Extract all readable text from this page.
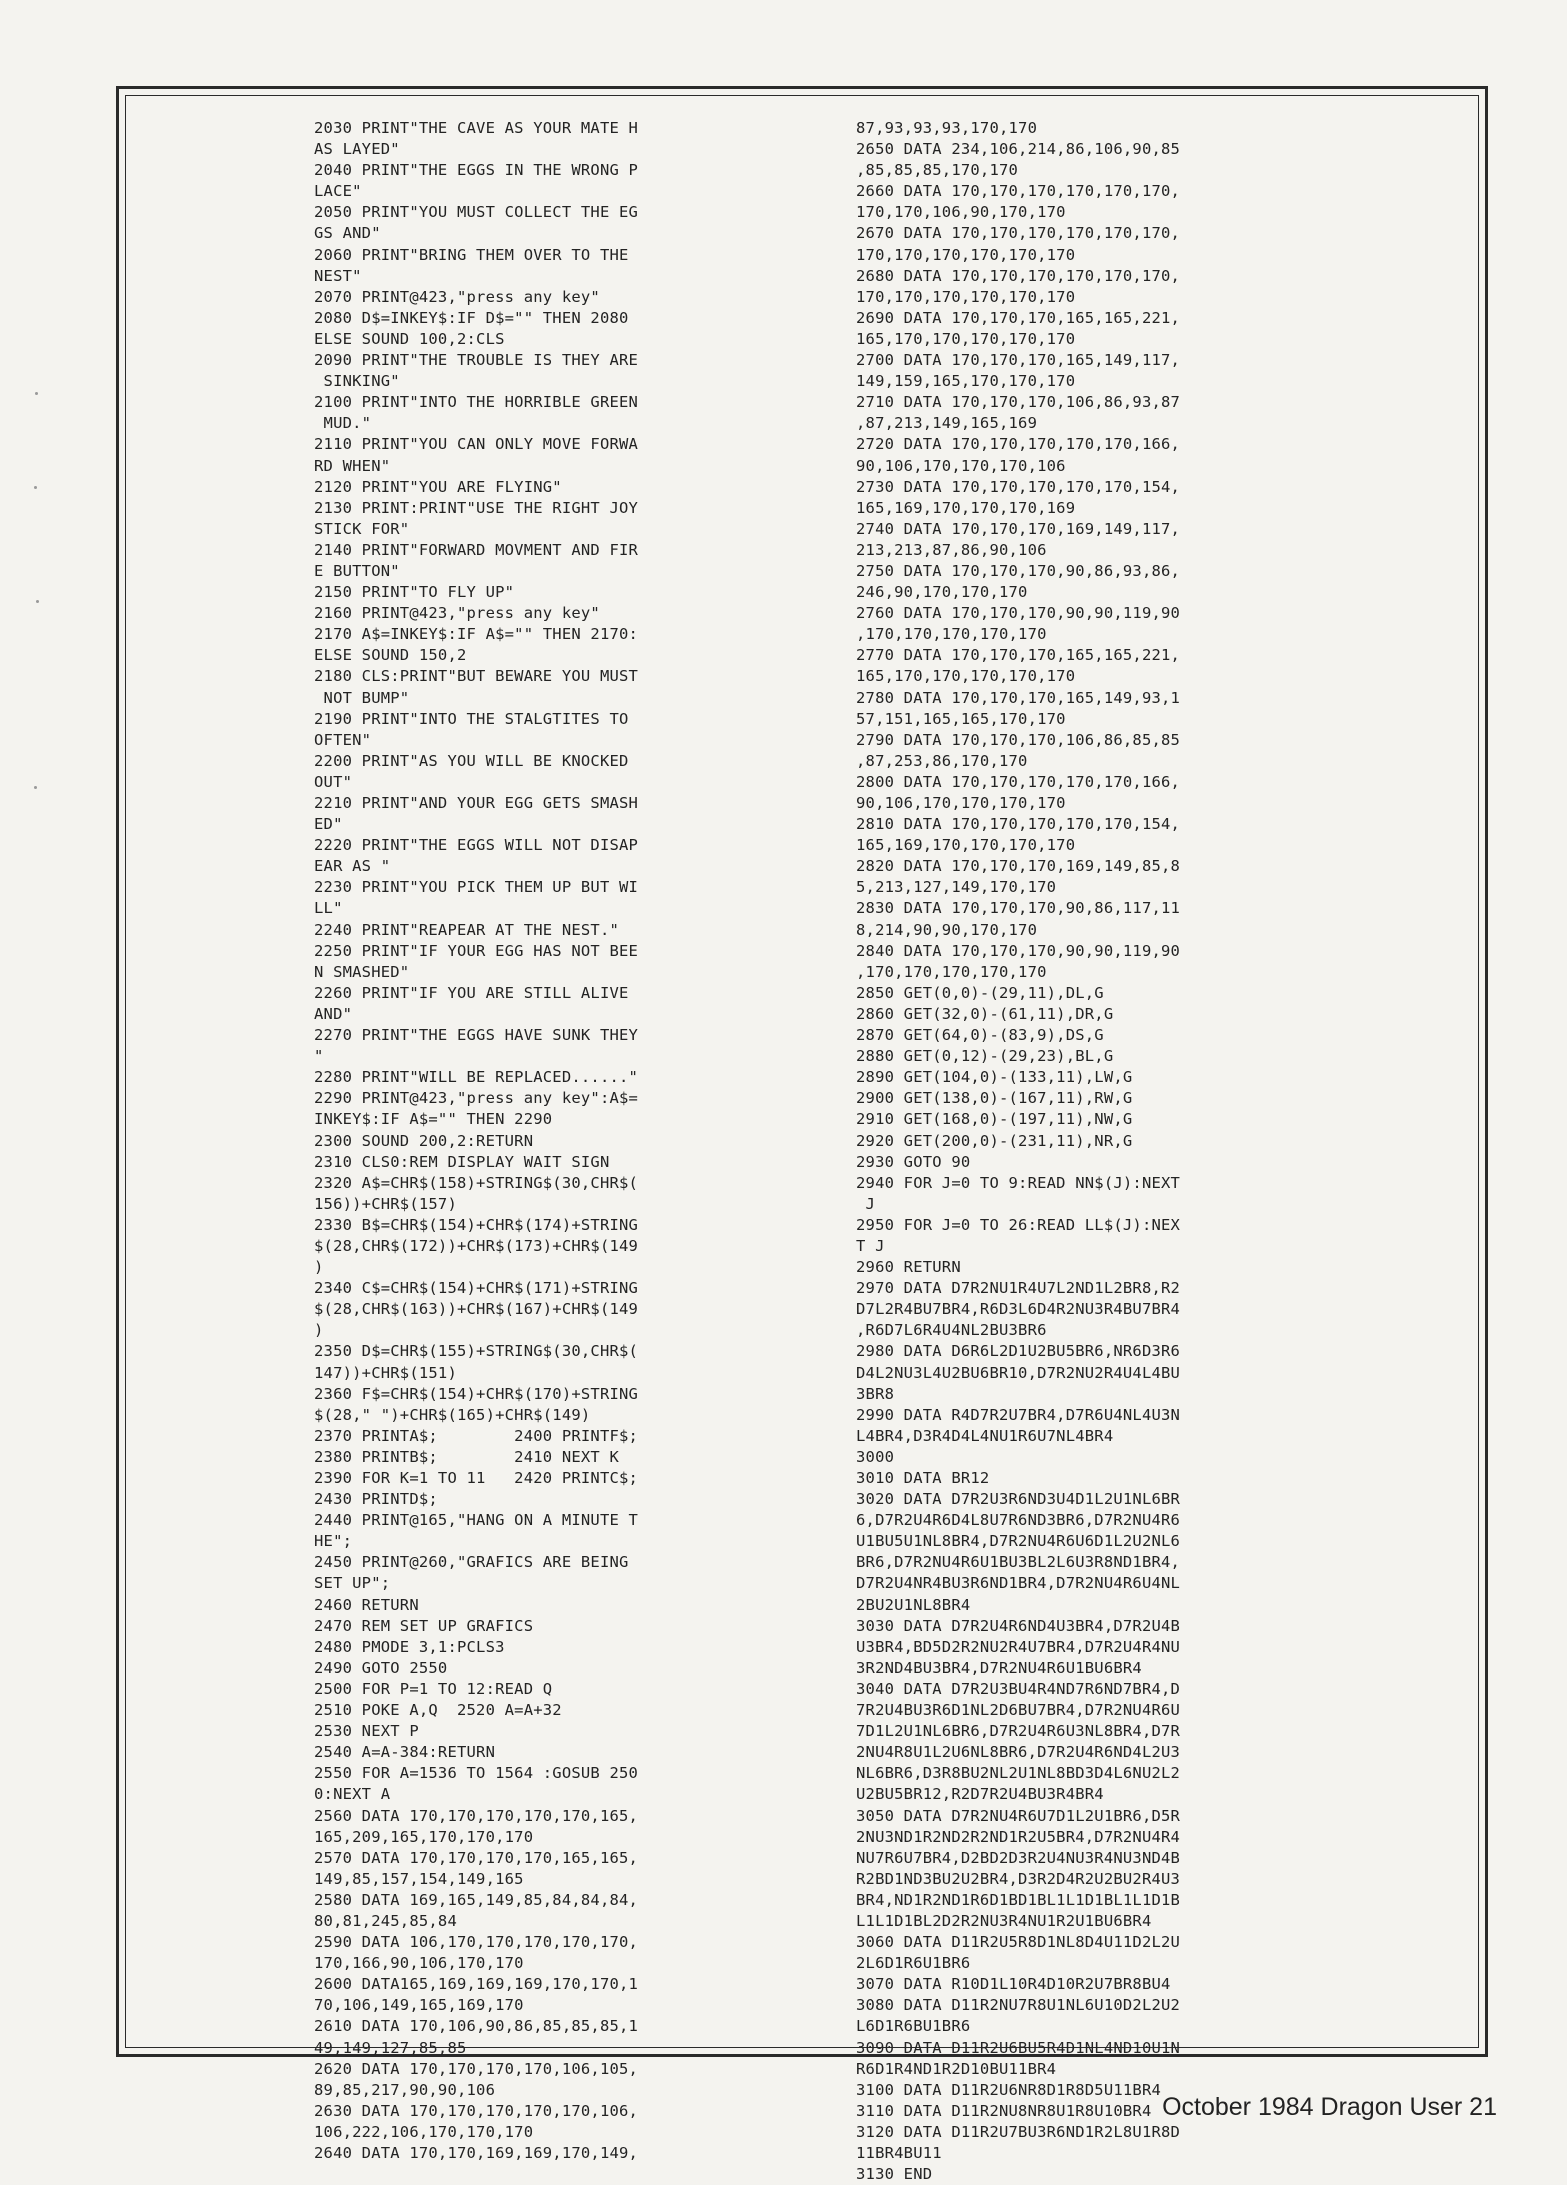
2030 PRINT"THE CAVE AS YOUR MATE H
AS LAYED"
2040 PRINT"THE EGGS IN THE WRONG P
LACE"
2050 PRINT"YOU MUST COLLECT THE EG
GS AND"
2060 PRINT"BRING THEM OVER TO THE
NEST"
2070 PRINT@423,"press any key"
2080 D$=INKEY$:IF D$="" THEN 2080
ELSE SOUND 100,2:CLS
2090 PRINT"THE TROUBLE IS THEY ARE
SINKING"
2100 PRINT"INTO THE HORRIBLE GREEN
MUD."
2110 PRINT"YOU CAN ONLY MOVE FORWA
RD WHEN"
2120 PRINT"YOU ARE FLYING"
2130 PRINT:PRINT"USE THE RIGHT JOY
STICK FOR"
2140 PRINT"FORWARD MOVMENT AND FIR
E BUTTON"
2150 PRINT"TO FLY UP"
2160 PRINT@423,"press any key"
2170 A$=INKEY$:IF A$="" THEN 2170:
ELSE SOUND 150,2
2180 CLS:PRINT"BUT BEWARE YOU MUST
NOT BUMP"
2190 PRINT"INTO THE STALGTITES TO
OFTEN"
2200 PRINT"AS YOU WILL BE KNOCKED
OUT"
2210 PRINT"AND YOUR EGG GETS SMASH
ED"
2220 PRINT"THE EGGS WILL NOT DISAP
EAR AS "
2230 PRINT"YOU PICK THEM UP BUT WI
LL"
2240 PRINT"REAPEAR AT THE NEST."
2250 PRINT"IF YOUR EGG HAS NOT BEE
N SMASHED"
2260 PRINT"IF YOU ARE STILL ALIVE
AND"
2270 PRINT"THE EGGS HAVE SUNK THEY
"
2280 PRINT"WILL BE REPLACED......"
2290 PRINT@423,"press any key":A$=
INKEY$:IF A$="" THEN 2290
2300 SOUND 200,2:RETURN
2310 CLS0:REM DISPLAY WAIT SIGN
2320 A$=CHR$(158)+STRING$(30,CHR$(
156))+CHR$(157)
2330 B$=CHR$(154)+CHR$(174)+STRING
$(28,CHR$(172))+CHR$(173)+CHR$(149
)
2340 C$=CHR$(154)+CHR$(171)+STRING
$(28,CHR$(163))+CHR$(167)+CHR$(149
)
2350 D$=CHR$(155)+STRING$(30,CHR$(
147))+CHR$(151)
2360 F$=CHR$(154)+CHR$(170)+STRING
$(28," ")+CHR$(165)+CHR$(149)
2370 PRINTA$;        2400 PRINTF$;
2380 PRINTB$;        2410 NEXT K
2390 FOR K=1 TO 11   2420 PRINTC$;
2430 PRINTD$;
2440 PRINT@165,"HANG ON A MINUTE T
HE";
2450 PRINT@260,"GRAFICS ARE BEING
SET UP";
2460 RETURN
2470 REM SET UP GRAFICS
2480 PMODE 3,1:PCLS3
2490 GOTO 2550
2500 FOR P=1 TO 12:READ Q
2510 POKE A,Q  2520 A=A+32
2530 NEXT P
2540 A=A-384:RETURN
2550 FOR A=1536 TO 1564 :GOSUB 250
0:NEXT A
2560 DATA 170,170,170,170,170,165,
165,209,165,170,170,170
2570 DATA 170,170,170,170,165,165,
149,85,157,154,149,165
2580 DATA 169,165,149,85,84,84,84,
80,81,245,85,84
2590 DATA 106,170,170,170,170,170,
170,166,90,106,170,170
2600 DATA165,169,169,169,170,170,1
70,106,149,165,169,170
2610 DATA 170,106,90,86,85,85,85,1
49,149,127,85,85
2620 DATA 170,170,170,170,106,105,
89,85,217,90,90,106
2630 DATA 170,170,170,170,170,106,
106,222,106,170,170,170
2640 DATA 170,170,169,169,170,149,
87,93,93,93,170,170
2650 DATA 234,106,214,86,106,90,85
,85,85,85,170,170
2660 DATA 170,170,170,170,170,170,
170,170,106,90,170,170
2670 DATA 170,170,170,170,170,170,
170,170,170,170,170,170
2680 DATA 170,170,170,170,170,170,
170,170,170,170,170,170
2690 DATA 170,170,170,165,165,221,
165,170,170,170,170,170
2700 DATA 170,170,170,165,149,117,
149,159,165,170,170,170
2710 DATA 170,170,170,106,86,93,87
,87,213,149,165,169
2720 DATA 170,170,170,170,170,166,
90,106,170,170,170,106
2730 DATA 170,170,170,170,170,154,
165,169,170,170,170,169
2740 DATA 170,170,170,169,149,117,
213,213,87,86,90,106
2750 DATA 170,170,170,90,86,93,86,
246,90,170,170,170
2760 DATA 170,170,170,90,90,119,90
,170,170,170,170,170
2770 DATA 170,170,170,165,165,221,
165,170,170,170,170,170
2780 DATA 170,170,170,165,149,93,1
57,151,165,165,170,170
2790 DATA 170,170,170,106,86,85,85
,87,253,86,170,170
2800 DATA 170,170,170,170,170,166,
90,106,170,170,170,170
2810 DATA 170,170,170,170,170,154,
165,169,170,170,170,170
2820 DATA 170,170,170,169,149,85,8
5,213,127,149,170,170
2830 DATA 170,170,170,90,86,117,11
8,214,90,90,170,170
2840 DATA 170,170,170,90,90,119,90
,170,170,170,170,170
2850 GET(0,0)-(29,11),DL,G
2860 GET(32,0)-(61,11),DR,G
2870 GET(64,0)-(83,9),DS,G
2880 GET(0,12)-(29,23),BL,G
2890 GET(104,0)-(133,11),LW,G
2900 GET(138,0)-(167,11),RW,G
2910 GET(168,0)-(197,11),NW,G
2920 GET(200,0)-(231,11),NR,G
2930 GOTO 90
2940 FOR J=0 TO 9:READ NN$(J):NEXT
J
2950 FOR J=0 TO 26:READ LL$(J):NEX
T J
2960 RETURN
2970 DATA D7R2NU1R4U7L2ND1L2BR8,R2
D7L2R4BU7BR4,R6D3L6D4R2NU3R4BU7BR4
,R6D7L6R4U4NL2BU3BR6
2980 DATA D6R6L2D1U2BU5BR6,NR6D3R6
D4L2NU3L4U2BU6BR10,D7R2NU2R4U4L4BU
3BR8
2990 DATA R4D7R2U7BR4,D7R6U4NL4U3N
L4BR4,D3R4D4L4NU1R6U7NL4BR4
3000
3010 DATA BR12
3020 DATA D7R2U3R6ND3U4D1L2U1NL6BR
6,D7R2U4R6D4L8U7R6ND3BR6,D7R2NU4R6
U1BU5U1NL8BR4,D7R2NU4R6U6D1L2U2NL6
BR6,D7R2NU4R6U1BU3BL2L6U3R8ND1BR4,
D7R2U4NR4BU3R6ND1BR4,D7R2NU4R6U4NL
2BU2U1NL8BR4
3030 DATA D7R2U4R6ND4U3BR4,D7R2U4B
U3BR4,BD5D2R2NU2R4U7BR4,D7R2U4R4NU
3R2ND4BU3BR4,D7R2NU4R6U1BU6BR4
3040 DATA D7R2U3BU4R4ND7R6ND7BR4,D
7R2U4BU3R6D1NL2D6BU7BR4,D7R2NU4R6U
7D1L2U1NL6BR6,D7R2U4R6U3NL8BR4,D7R
2NU4R8U1L2U6NL8BR6,D7R2U4R6ND4L2U3
NL6BR6,D3R8BU2NL2U1NL8BD3D4L6NU2L2
U2BU5BR12,R2D7R2U4BU3R4BR4
3050 DATA D7R2NU4R6U7D1L2U1BR6,D5R
2NU3ND1R2ND2R2ND1R2U5BR4,D7R2NU4R4
NU7R6U7BR4,D2BD2D3R2U4NU3R4NU3ND4B
R2BD1ND3BU2U2BR4,D3R2D4R2U2BU2R4U3
BR4,ND1R2ND1R6D1BD1BL1L1D1BL1L1D1B
L1L1D1BL2D2R2NU3R4NU1R2U1BU6BR4
3060 DATA D11R2U5R8D1NL8D4U11D2L2U
2L6D1R6U1BR6
3070 DATA R10D1L10R4D10R2U7BR8BU4
3080 DATA D11R2NU7R8U1NL6U10D2L2U2
L6D1R6BU1BR6
3090 DATA D11R2U6BU5R4D1NL4ND10U1N
R6D1R4ND1R2D10BU11BR4
3100 DATA D11R2U6NR8D1R8D5U11BR4
3110 DATA D11R2NU8NR8U1R8U10BR4
3120 DATA D11R2U7BU3R6ND1R2L8U1R8D
11BR4BU11
3130 END
October 1984 Dragon User 21
